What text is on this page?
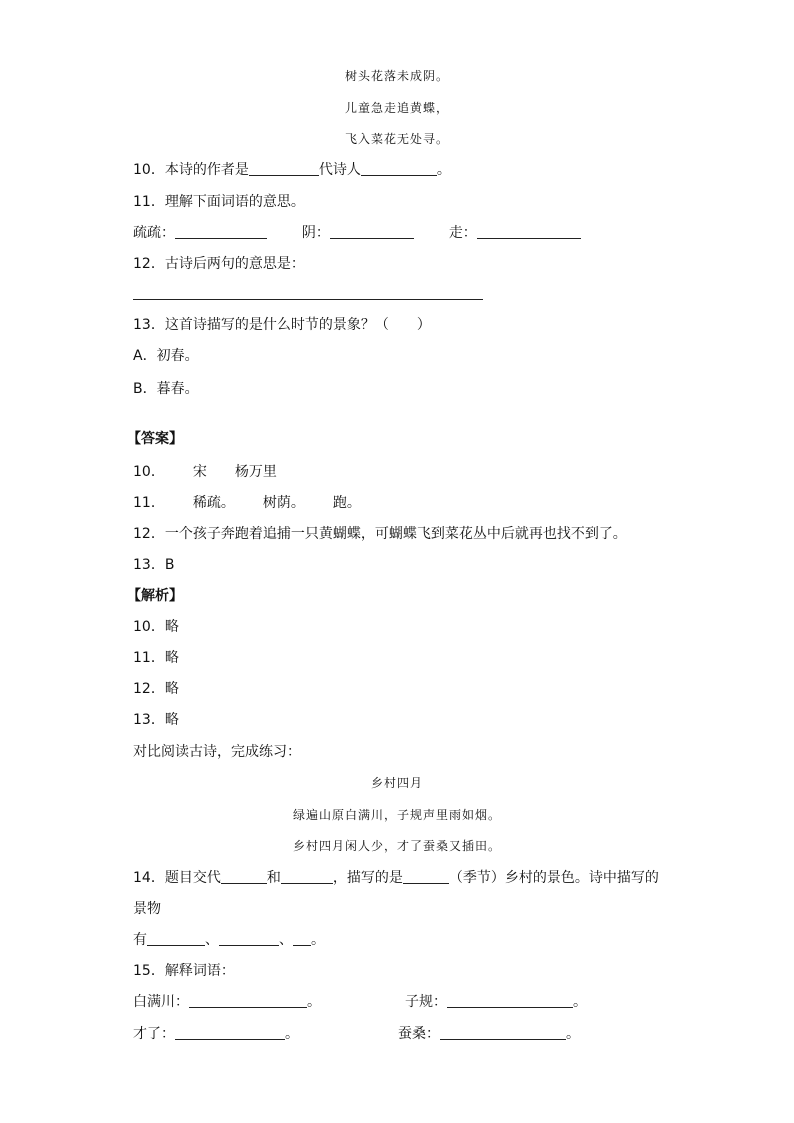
树头花落未成阴。
儿童急走追黄蝶，
飞入菜花无处寻。
10．本诗的作者是	代诗人	。
11．理解下面词语的意思。
疏疏：	阴：	走：
12．古诗后两句的意思是：
13．这首诗描写的是什么时节的景象？（　　）
A．初春。
B．暮春。
【答案】
10． 宋 杨万里
11． 稀疏。 树荫。 跑。
12．一个孩子奔跑着追捕一只黄蝴蝶，可蝴蝶飞到菜花丛中后就再也找不到了。
13．B
【解析】
10．略
11．略
12．略
13．略
对比阅读古诗，完成练习：
乡村四月
绿遍山原白满川，子规声里雨如烟。
乡村四月闲人少，才了蚕桑又插田。
14．题目交代	和	，描写的是	（季节）乡村的景色。诗中描写的
景物
有	、	、 。
15．解释词语：
白满川：	。	子规：	。
才了：	。	蚕桑：	。
